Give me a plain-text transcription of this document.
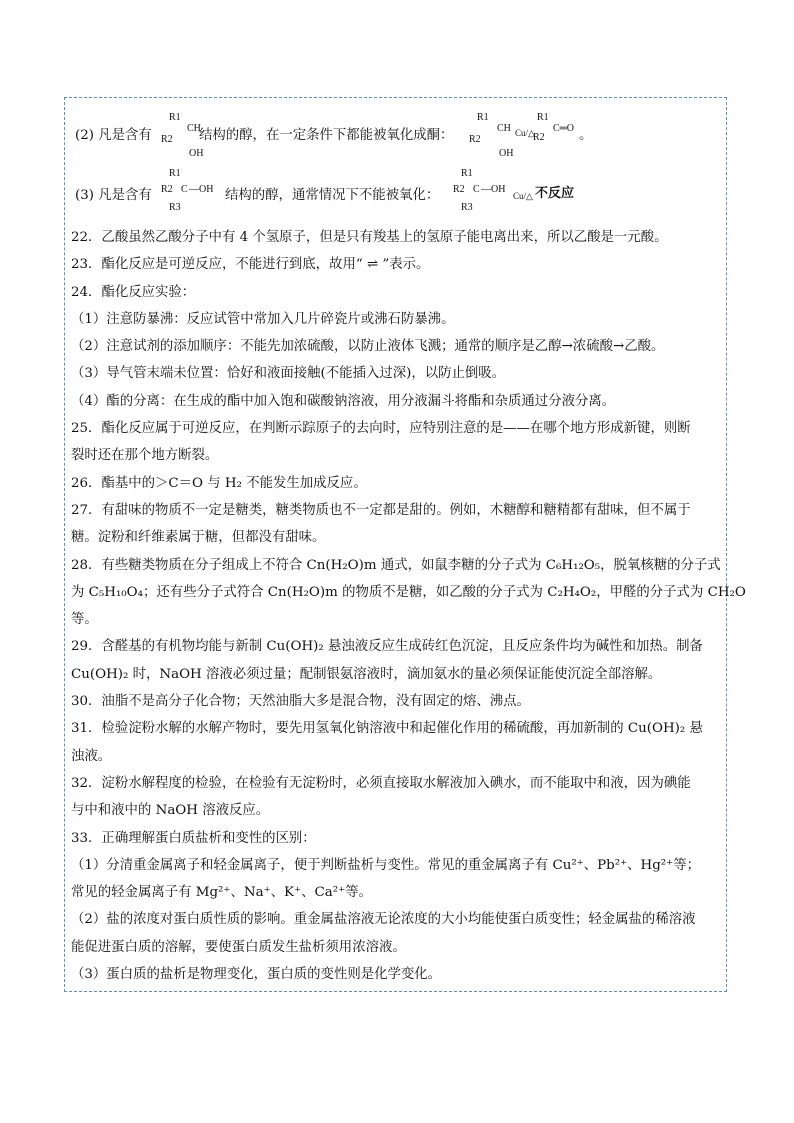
(2) 凡是含有
R1
R2
CH
OH
结构的醇，在一定条件下都能被氧化成酮：
R1
R2
CH
OH
Cu/△
R1
R2
C═O 。
(3) 凡是含有
R1
R2 C — OH
R3
结构的醇，通常情况下不能被氧化：
R1
R2 C — OH
Cu/△
R3
不反应
22．乙酸虽然乙酸分子中有 4 个氢原子，但是只有羧基上的氢原子能电离出来，所以乙酸是一元酸。
23．酯化反应是可逆反应，不能进行到底，故用“ ⇌ ”表示。
24．酯化反应实验：
（1）注意防暴沸：反应试管中常加入几片碎瓷片或沸石防暴沸。
（2）注意试剂的添加顺序：不能先加浓硫酸，以防止液体飞溅；通常的顺序是乙醇→浓硫酸→乙酸。
（3）导气管末端未位置：恰好和液面接触(不能插入过深)，以防止倒吸。
（4）酯的分离：在生成的酯中加入饱和碳酸钠溶液，用分液漏斗将酯和杂质通过分液分离。
25．酯化反应属于可逆反应，在判断示踪原子的去向时，应特别注意的是——在哪个地方形成新键，则断
裂时还在那个地方断裂。
26．酯基中的＞C＝O 与 H₂ 不能发生加成反应。
27．有甜味的物质不一定是糖类，糖类物质也不一定都是甜的。例如，木糖醇和糖精都有甜味，但不属于
糖。淀粉和纤维素属于糖，但都没有甜味。
28．有些糖类物质在分子组成上不符合 Cn(H₂O)m 通式，如鼠李糖的分子式为 C₆H₁₂O₅，脱氧核糖的分子式
为 C₅H₁₀O₄；还有些分子式符合 Cn(H₂O)m 的物质不是糖，如乙酸的分子式为 C₂H₄O₂，甲醛的分子式为 CH₂O
等。
29．含醛基的有机物均能与新制 Cu(OH)₂ 悬浊液反应生成砖红色沉淀，且反应条件均为碱性和加热。制备
Cu(OH)₂ 时，NaOH 溶液必须过量；配制银氨溶液时，滴加氨水的量必须保证能使沉淀全部溶解。
30．油脂不是高分子化合物；天然油脂大多是混合物，没有固定的熔、沸点。
31．检验淀粉水解的水解产物时，要先用氢氧化钠溶液中和起催化作用的稀硫酸，再加新制的 Cu(OH)₂ 悬
浊液。
32．淀粉水解程度的检验，在检验有无淀粉时，必须直接取水解液加入碘水，而不能取中和液，因为碘能
与中和液中的 NaOH 溶液反应。
33．正确理解蛋白质盐析和变性的区别：
（1）分清重金属离子和轻金属离子，便于判断盐析与变性。常见的重金属离子有 Cu²⁺、Pb²⁺、Hg²⁺等；
常见的轻金属离子有 Mg²⁺、Na⁺、K⁺、Ca²⁺等。
（2）盐的浓度对蛋白质性质的影响。重金属盐溶液无论浓度的大小均能使蛋白质变性；轻金属盐的稀溶液
能促进蛋白质的溶解，要使蛋白质发生盐析须用浓溶液。
（3）蛋白质的盐析是物理变化，蛋白质的变性则是化学变化。
